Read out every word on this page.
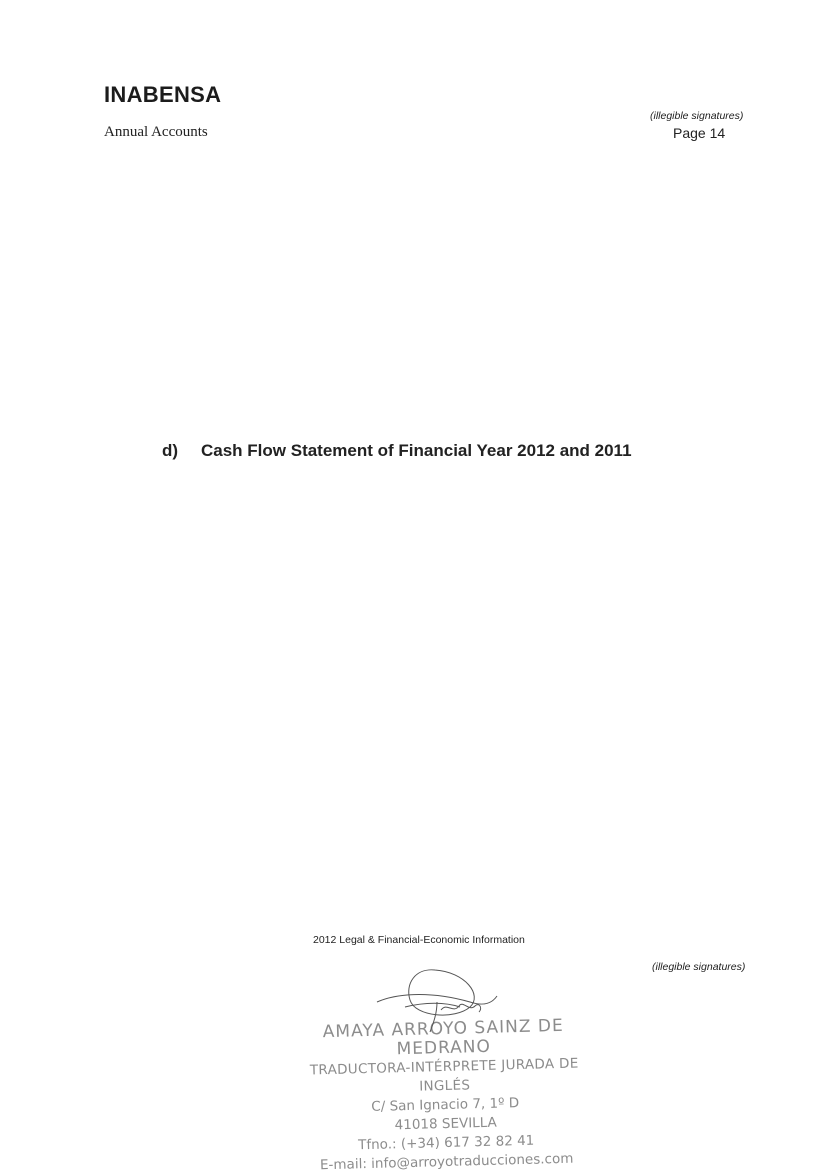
INABENSA
Annual Accounts
(illegible signatures)
Page 14
d) Cash Flow Statement of Financial Year 2012 and 2011
2012 Legal & Financial-Economic Information
(illegible signatures)
AMAYA ARROYO SAINZ DE MEDRANO
TRADUCTORA-INTÉRPRETE JURADA DE INGLÉS
C/ San Ignacio 7, 1º D
41018 SEVILLA
Tfno.: (+34) 617 32 82 41
E-mail: info@arroyotraducciones.com
